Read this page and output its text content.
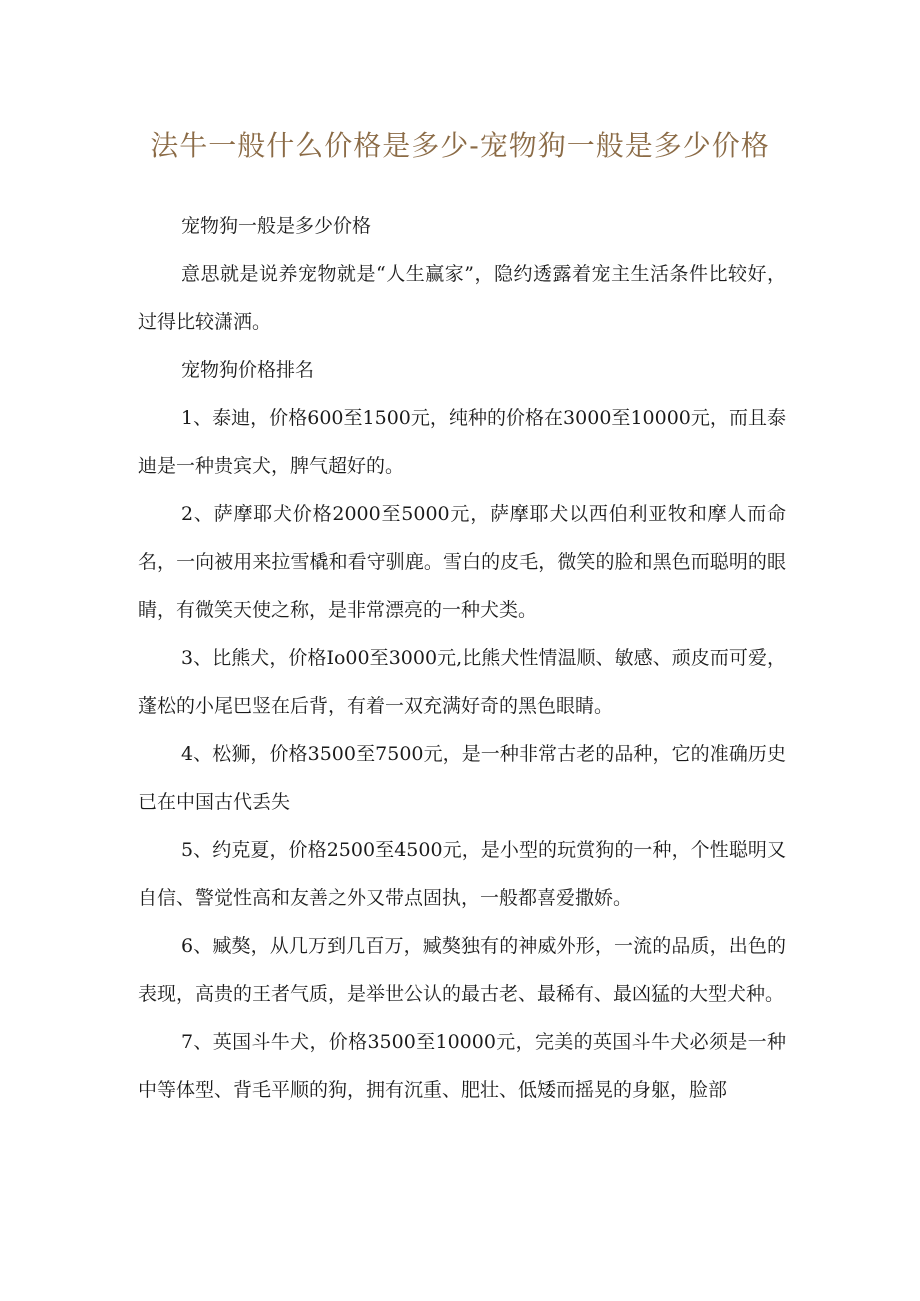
法牛一般什么价格是多少-宠物狗一般是多少价格

宠物狗一般是多少价格

意思就是说养宠物就是“人生赢家”，隐约透露着宠主生活条件比较好，过得比较潇洒。

宠物狗价格排名

1、泰迪，价格600至1500元，纯种的价格在3000至10000元，而且泰迪是一种贵宾犬，脾气超好的。

2、萨摩耶犬价格2000至5000元，萨摩耶犬以西伯利亚牧和摩人而命名，一向被用来拉雪橇和看守驯鹿。雪白的皮毛，微笑的脸和黑色而聪明的眼睛，有微笑天使之称，是非常漂亮的一种犬类。

3、比熊犬，价格Io00至3000元,比熊犬性情温顺、敏感、顽皮而可爱，蓬松的小尾巴竖在后背，有着一双充满好奇的黑色眼睛。

4、松狮，价格3500至7500元，是一种非常古老的品种，它的准确历史已在中国古代丢失

5、约克夏，价格2500至4500元，是小型的玩赏狗的一种，个性聪明又自信、警觉性高和友善之外又带点固执，一般都喜爱撒娇。

6、臧獒，从几万到几百万，臧獒独有的神威外形，一流的品质，出色的表现，高贵的王者气质，是举世公认的最古老、最稀有、最凶猛的大型犬种。

7、英国斗牛犬，价格3500至10000元，完美的英国斗牛犬必须是一种中等体型、背毛平顺的狗，拥有沉重、肥壮、低矮而摇晃的身躯，脸部
